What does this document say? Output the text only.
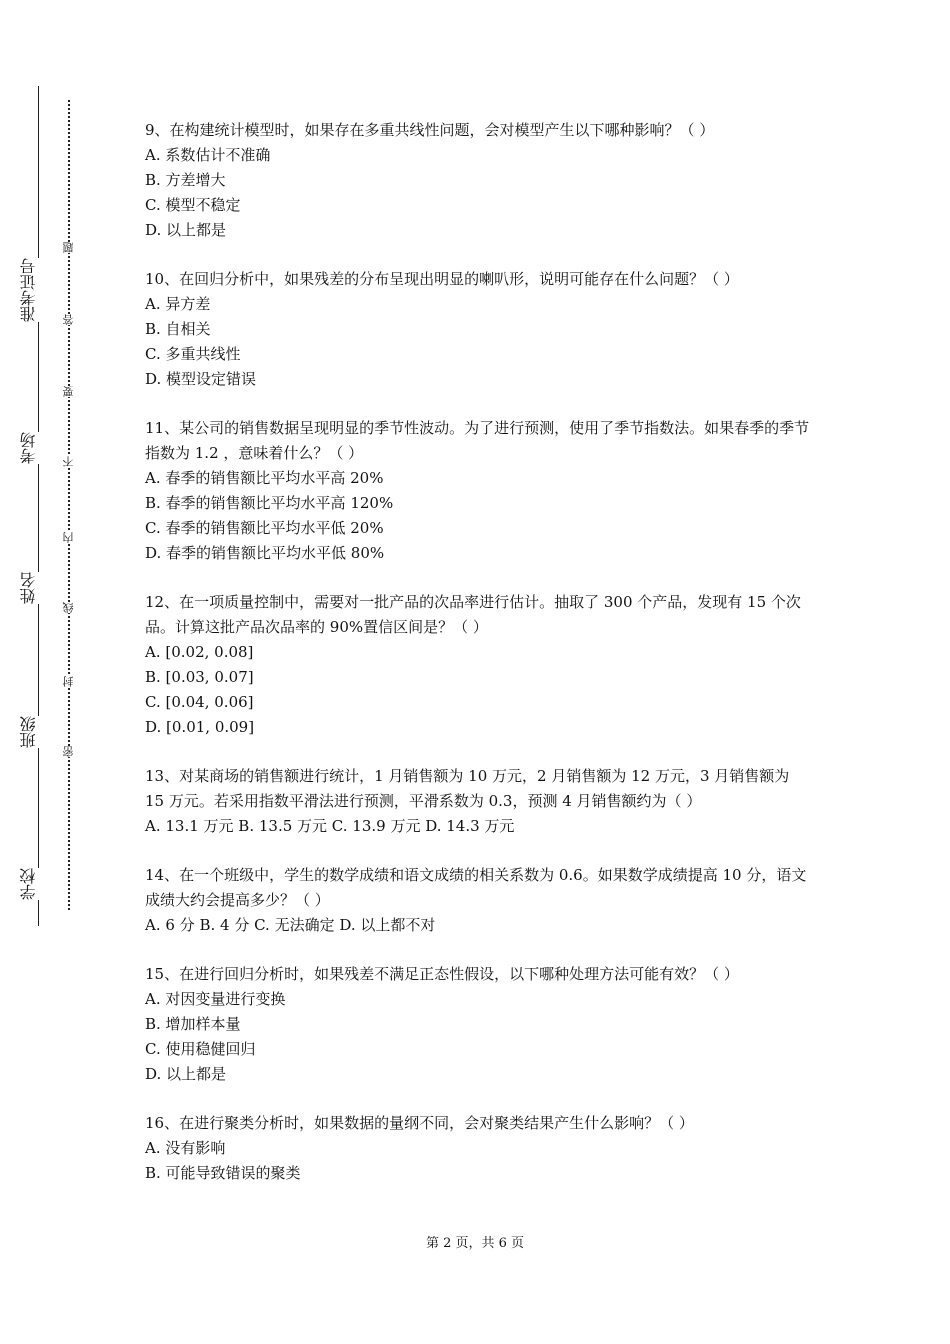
学校
班级
姓名
考场
准考证号
密
封
线
内
不
要
答
题

9、在构建统计模型时，如果存在多重共线性问题，会对模型产生以下哪种影响？（ ）

A. 系数估计不准确

B. 方差增大

C. 模型不稳定

D. 以上都是

10、在回归分析中，如果残差的分布呈现出明显的喇叭形，说明可能存在什么问题？（ ）

A. 异方差

B. 自相关

C. 多重共线性

D. 模型设定错误

11、某公司的销售数据呈现明显的季节性波动。为了进行预测，使用了季节指数法。如果春季的季节指数为 1.2 ，意味着什么？（ ）

A. 春季的销售额比平均水平高 20%

B. 春季的销售额比平均水平高 120%

C. 春季的销售额比平均水平低 20%

D. 春季的销售额比平均水平低 80%

12、在一项质量控制中，需要对一批产品的次品率进行估计。抽取了 300 个产品，发现有 15 个次品。计算这批产品次品率的 90%置信区间是？（ ）

A. [0.02, 0.08]

B. [0.03, 0.07]

C. [0.04, 0.06]

D. [0.01, 0.09]

13、对某商场的销售额进行统计，1 月销售额为 10 万元，2 月销售额为 12 万元，3 月销售额为 15 万元。若采用指数平滑法进行预测，平滑系数为 0.3，预测 4 月销售额约为（ ）

A. 13.1 万元 B. 13.5 万元 C. 13.9 万元 D. 14.3 万元

14、在一个班级中，学生的数学成绩和语文成绩的相关系数为 0.6。如果数学成绩提高 10 分，语文成绩大约会提高多少？（ ）

A. 6 分 B. 4 分 C. 无法确定 D. 以上都不对

15、在进行回归分析时，如果残差不满足正态性假设，以下哪种处理方法可能有效？（ ）

A. 对因变量进行变换

B. 增加样本量

C. 使用稳健回归

D. 以上都是

16、在进行聚类分析时，如果数据的量纲不同，会对聚类结果产生什么影响？（ ）

A. 没有影响

B. 可能导致错误的聚类

第 2 页，共 6 页
